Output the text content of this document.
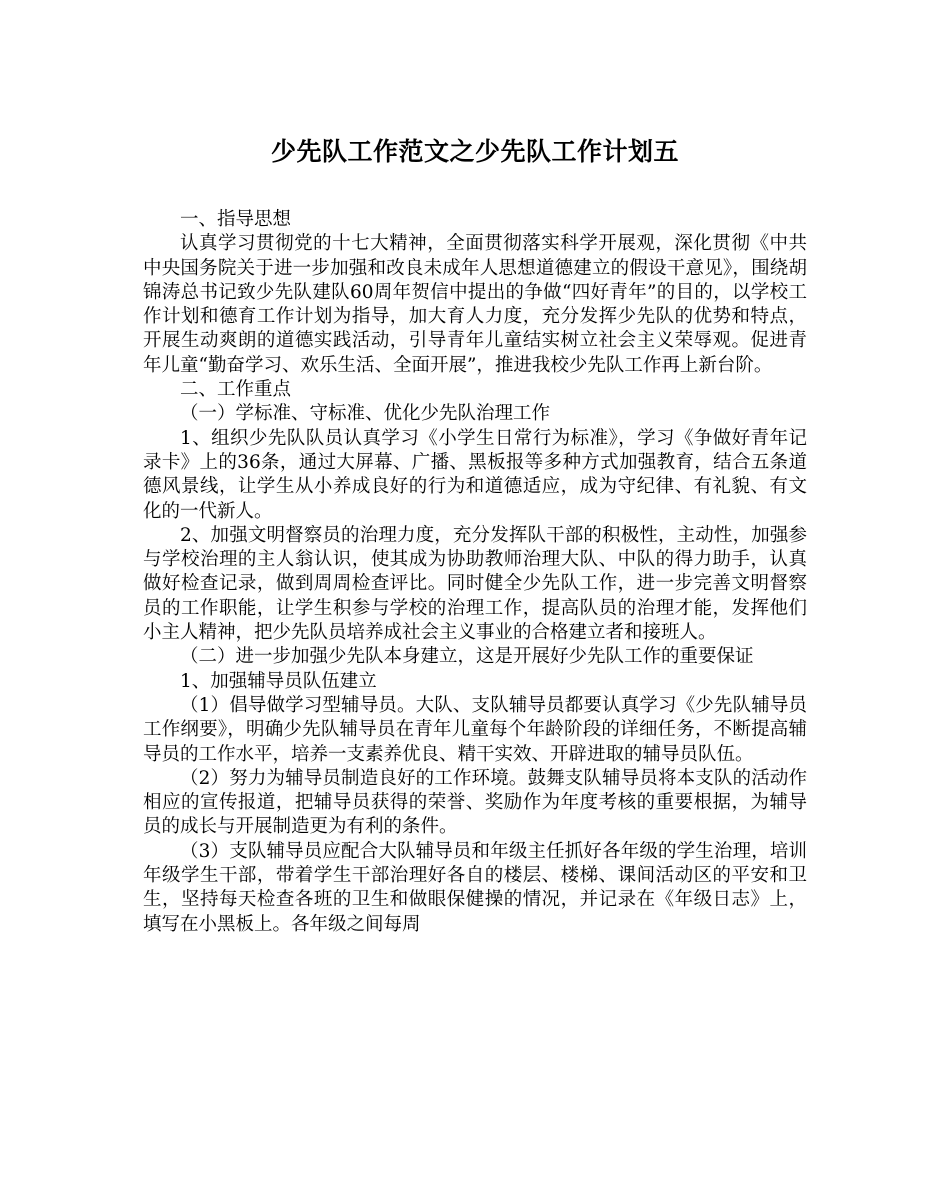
少先队工作范文之少先队工作计划五

一、指导思想

认真学习贯彻党的十七大精神，全面贯彻落实科学开展观，深化贯彻《中共中央国务院关于进一步加强和改良未成年人思想道德建立的假设干意见》，围绕胡锦涛总书记致少先队建队60周年贺信中提出的争做“四好青年”的目的，以学校工作计划和德育工作计划为指导，加大育人力度，充分发挥少先队的优势和特点，开展生动爽朗的道德实践活动，引导青年儿童结实树立社会主义荣辱观。促进青年儿童“勤奋学习、欢乐生活、全面开展”，推进我校少先队工作再上新台阶。

二、工作重点

（一）学标准、守标准、优化少先队治理工作

1、组织少先队队员认真学习《小学生日常行为标准》，学习《争做好青年记录卡》上的36条，通过大屏幕、广播、黑板报等多种方式加强教育，结合五条道德风景线，让学生从小养成良好的行为和道德适应，成为守纪律、有礼貌、有文化的一代新人。

2、加强文明督察员的治理力度，充分发挥队干部的积极性，主动性，加强参与学校治理的主人翁认识，使其成为协助教师治理大队、中队的得力助手，认真做好检查记录，做到周周检查评比。同时健全少先队工作，进一步完善文明督察员的工作职能，让学生积参与学校的治理工作，提高队员的治理才能，发挥他们小主人精神，把少先队员培养成社会主义事业的合格建立者和接班人。

（二）进一步加强少先队本身建立，这是开展好少先队工作的重要保证

1、加强辅导员队伍建立

（1）倡导做学习型辅导员。大队、支队辅导员都要认真学习《少先队辅导员工作纲要》，明确少先队辅导员在青年儿童每个年龄阶段的详细任务，不断提高辅导员的工作水平，培养一支素养优良、精干实效、开辟进取的辅导员队伍。

（2）努力为辅导员制造良好的工作环境。鼓舞支队辅导员将本支队的活动作相应的宣传报道，把辅导员获得的荣誉、奖励作为年度考核的重要根据，为辅导员的成长与开展制造更为有利的条件。

（3）支队辅导员应配合大队辅导员和年级主任抓好各年级的学生治理，培训年级学生干部，带着学生干部治理好各自的楼层、楼梯、课间活动区的平安和卫生，坚持每天检查各班的卫生和做眼保健操的情况，并记录在《年级日志》上，填写在小黑板上。各年级之间每周
